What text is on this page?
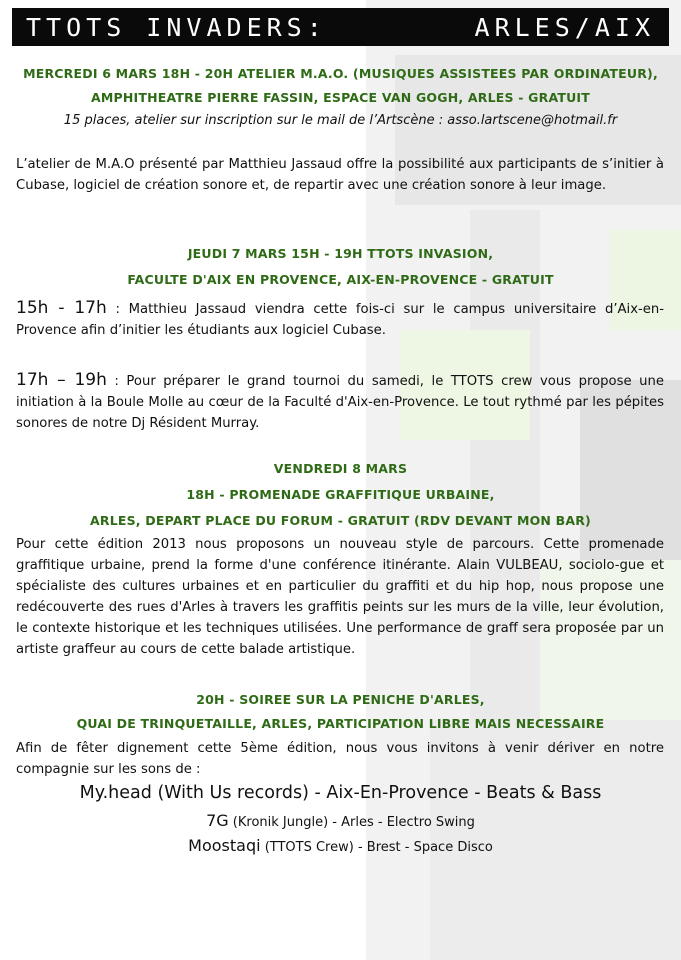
TTOTS INVADERS:	ARLES/AIX
MERCREDI 6 MARS 18H - 20H ATELIER M.A.O. (MUSIQUES ASSISTEES PAR ORDINATEUR),
AMPHITHEATRE PIERRE FASSIN, ESPACE VAN GOGH, ARLES - GRATUIT
15 places, atelier sur inscription sur le mail de l’Artscène : asso.lartscene@hotmail.fr
L’atelier de M.A.O présenté par Matthieu Jassaud offre la possibilité aux participants de s’initier à Cubase, logiciel de création sonore et, de repartir avec une création sonore à leur image.
JEUDI 7 MARS 15H - 19H TTOTS INVASION,
FACULTE D'AIX EN PROVENCE, AIX-EN-PROVENCE - GRATUIT
15h - 17h : Matthieu Jassaud viendra cette fois-ci sur le campus universitaire d’Aix-en-Provence afin d’initier les étudiants aux logiciel Cubase.
17h – 19h : Pour préparer le grand tournoi du samedi, le TTOTS crew vous propose une initiation à la Boule Molle au cœur de la Faculté d'Aix-en-Provence. Le tout rythmé par les pépites sonores de notre Dj Résident Murray.
VENDREDI 8 MARS
18H - PROMENADE GRAFFITIQUE URBAINE,
ARLES, DEPART PLACE DU FORUM - GRATUIT (RDV DEVANT MON BAR)
Pour cette édition 2013 nous proposons un nouveau style de parcours. Cette promenade graffitique urbaine, prend la forme d'une conférence itinérante. Alain VULBEAU, sociolo-gue et spécialiste des cultures urbaines et en particulier du graffiti et du hip hop, nous propose une redécouverte des rues d'Arles à travers les graffitis peints sur les murs de la ville, leur évolution, le contexte historique et les techniques utilisées. Une performance de graff sera proposée par un artiste graffeur au cours de cette balade artistique.
20H - SOIREE SUR LA PENICHE D'ARLES,
QUAI DE TRINQUETAILLE, ARLES, PARTICIPATION LIBRE MAIS NECESSAIRE
Afin de fêter dignement cette 5ème édition, nous vous invitons à venir dériver en notre compagnie sur les sons de :
My.head (With Us records) - Aix-En-Provence - Beats & Bass
7G (Kronik Jungle) - Arles - Electro Swing
Moostaqi (TTOTS Crew) - Brest - Space Disco
